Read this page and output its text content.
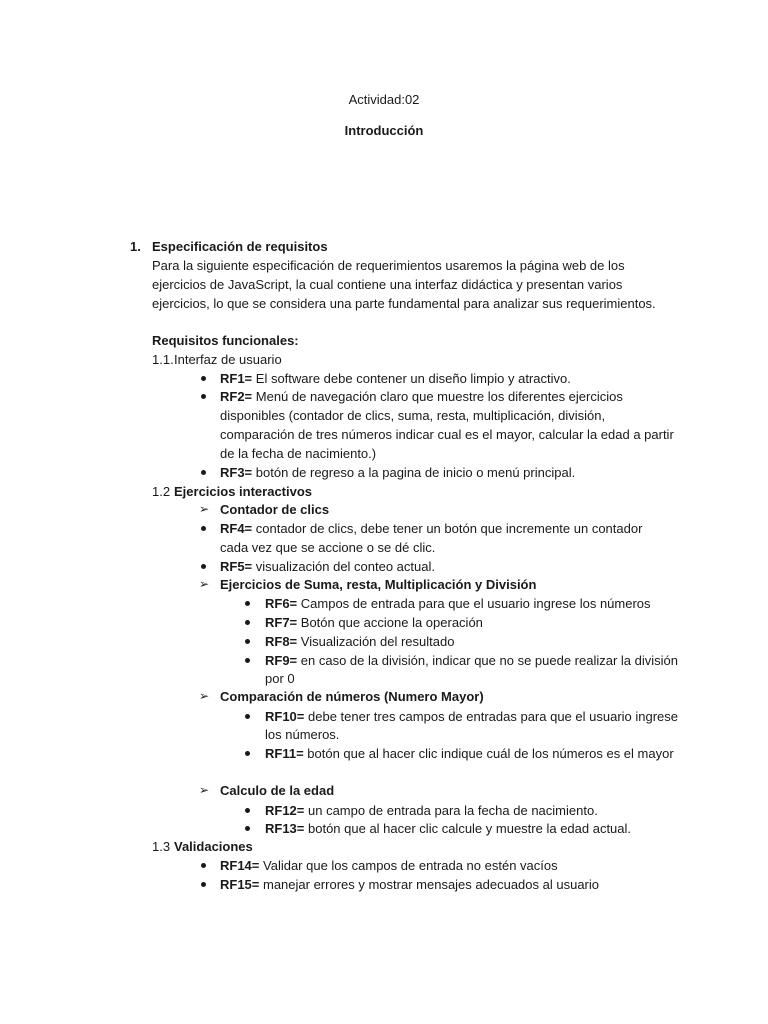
Actividad:02
Introducción
1. Especificación de requisitos
Para la siguiente especificación de requerimientos usaremos la página web de los
ejercicios de JavaScript, la cual contiene una interfaz didáctica y presentan varios
ejercicios, lo que se considera una parte fundamental para analizar sus requerimientos.
Requisitos funcionales:
1.1. Interfaz de usuario
RF1= El software debe contener un diseño limpio y atractivo.
RF2= Menú de navegación claro que muestre los diferentes ejercicios
disponibles (contador de clics, suma, resta, multiplicación, división,
comparación de tres números indicar cual es el mayor, calcular la edad a partir
de la fecha de nacimiento.)
RF3= botón de regreso a la pagina de inicio o menú principal.
1.2 Ejercicios interactivos
➢ Contador de clics
RF4= contador de clics, debe tener un botón que incremente un contador
cada vez que se accione o se dé clic.
RF5= visualización del conteo actual.
➢ Ejercicios de Suma, resta, Multiplicación y División
RF6= Campos de entrada para que el usuario ingrese los números
RF7= Botón que accione la operación
RF8= Visualización del resultado
RF9= en caso de la división, indicar que no se puede realizar la división
por 0
➢ Comparación de números (Numero Mayor)
RF10= debe tener tres campos de entradas para que el usuario ingrese
los números.
RF11= botón que al hacer clic indique cuál de los números es el mayor
➢ Calculo de la edad
RF12= un campo de entrada para la fecha de nacimiento.
RF13= botón que al hacer clic calcule y muestre la edad actual.
1.3 Validaciones
RF14= Validar que los campos de entrada no estén vacíos
RF15= manejar errores y mostrar mensajes adecuados al usuario
